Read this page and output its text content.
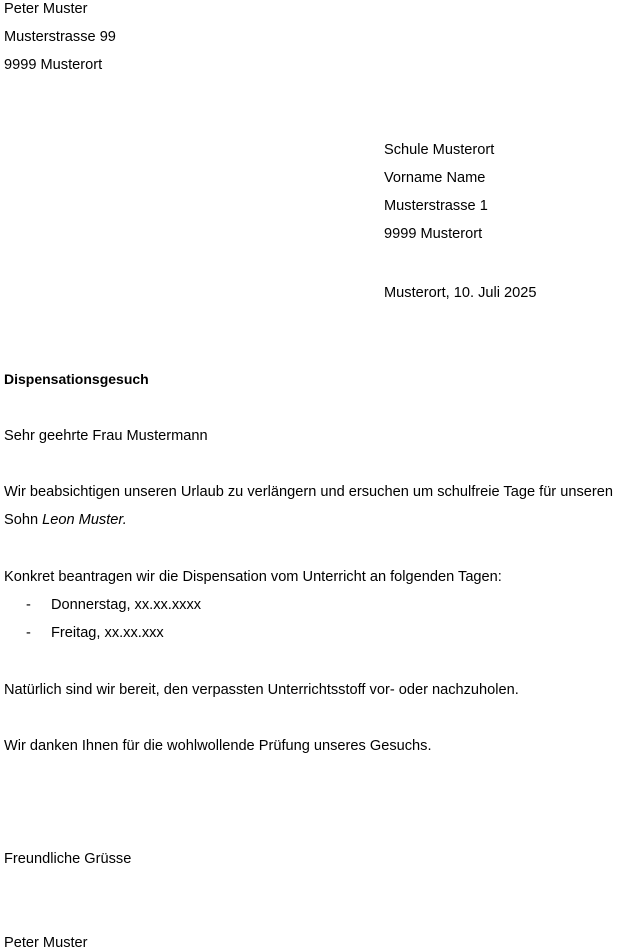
Peter Muster
Musterstrasse 99
9999 Musterort
Schule Musterort
Vorname Name
Musterstrasse 1
9999 Musterort
Musterort, 10. Juli 2025
Dispensationsgesuch
Sehr geehrte Frau Mustermann
Wir beabsichtigen unseren Urlaub zu verlängern und ersuchen um schulfreie Tage für unseren
Sohn Leon Muster.
Konkret beantragen wir die Dispensation vom Unterricht an folgenden Tagen:
- Donnerstag, xx.xx.xxxx
- Freitag, xx.xx.xxx
Natürlich sind wir bereit, den verpassten Unterrichtsstoff vor- oder nachzuholen.
Wir danken Ihnen für die wohlwollende Prüfung unseres Gesuchs.
Freundliche Grüsse
Peter Muster
